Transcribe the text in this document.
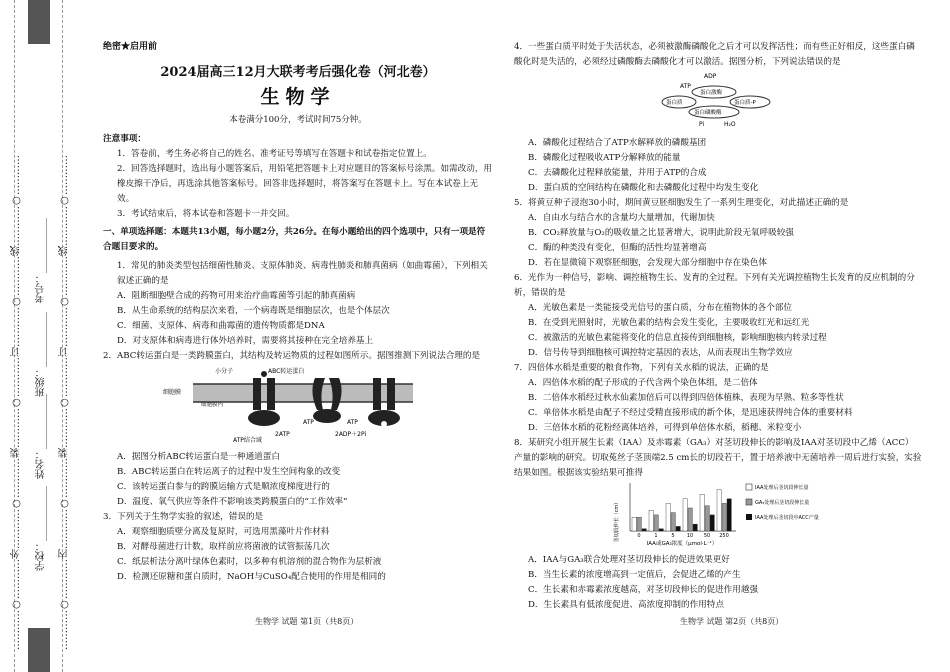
…………○…………外…………○…………装…………○…………订…………○…………线…………○…………	…………○…………内…………○…………装…………○…………订…………○…………线…………○…………
学校：___________
姓名：___________
班级：___________
考号：___________

绝密★启用前

2024届高三12月大联考考后强化卷（河北卷）

生物学

本卷满分100分，考试时间75分钟。

注意事项：

1．答卷前，考生务必将自己的姓名、准考证号等填写在答题卡和试卷指定位置上。

2．回答选择题时，选出每小题答案后，用铅笔把答题卡上对应题目的答案标号涂黑。如需改动，用橡皮擦干净后，再选涂其他答案标号。回答非选择题时，将答案写在答题卡上。写在本试卷上无效。

3．考试结束后，将本试卷和答题卡一并交回。

一、单项选择题：本题共13小题，每小题2分，共26分。在每小题给出的四个选项中，只有一项是符合题目要求的。

1．常见的肺炎类型包括细菌性肺炎、支原体肺炎、病毒性肺炎和肺真菌病（如曲霉菌），下列相关叙述正确的是

A．阻断细胞壁合成的药物可用来治疗曲霉菌等引起的肺真菌病

B．从生命系统的结构层次来看，一个病毒既是细胞层次，也是个体层次

C．细菌、支原体、病毒和曲霉菌的遗传物质都是DNA

D．对支原体和病毒进行体外培养时，需要将其接种在完全培养基上

2．ABC转运蛋白是一类跨膜蛋白，其结构及转运物质的过程如图所示。据图推测下列说法合理的是

小分子	ABC转运蛋白
细胞膜
细胞膜内
2ATP
ATP	ATP
2ADP＋2Pi
ATP结合域

A．据图分析ABC转运蛋白是一种通道蛋白

B．ABC转运蛋白在转运离子的过程中发生空间构象的改变

C．该转运蛋白参与的跨膜运输方式是顺浓度梯度进行的

D．温度、氧气供应等条件不影响该类跨膜蛋白的“工作效率”

3．下列关于生物学实验的叙述，错误的是

A．观察细胞质壁分离及复原时，可选用黑藻叶片作材料

B．对酵母菌进行计数，取样前应将菌液的试管振荡几次

C．纸层析法分离叶绿体色素时，以多种有机溶剂的混合物作为层析液

D．检测还原糖和蛋白质时，NaOH与CuSO₄配合使用的作用是相同的

生物学 试题 第1页（共8页）

4．一些蛋白质平时处于失活状态，必须被激酶磷酸化之后才可以发挥活性；而有些正好相反，这些蛋白磷酸化时是失活的，必须经过磷酸酶去磷酸化才可以激活。据图分析，下列说法错误的是

ADP
ATP
蛋白激酶
蛋白质	蛋白质-P
蛋白磷酸酶
Pi	H₂O

A．磷酸化过程结合了ATP水解释放的磷酸基团

B．磷酸化过程吸收ATP分解释放的能量

C．去磷酸化过程释放能量，并用于ATP的合成

D．蛋白质的空间结构在磷酸化和去磷酸化过程中均发生变化

5．将黄豆种子浸泡30小时，期间黄豆胚细胞发生了一系列生理变化，对此描述正确的是

A．自由水与结合水的含量均大量增加，代谢加快

B．CO₂释放量与O₂的吸收量之比显著增大，说明此阶段无氧呼吸较强

C．酶的种类没有变化，但酶的活性均显著增高

D．若在显微镜下观察胚细胞，会发现大部分细胞中存在染色体

6．光作为一种信号，影响、调控植物生长、发育的全过程。下列有关光调控植物生长发育的反应机制的分析，错误的是

A．光敏色素是一类能接受光信号的蛋白质，分布在植物体的各个部位

B．在受到光照射时，光敏色素的结构会发生变化，主要吸收红光和远红光

C．被激活的光敏色素能将变化的信息直接传到细胞核，影响细胞核内转录过程

D．信号传导到细胞核可调控特定基因的表达，从而表现出生物学效应

7．四倍体水稻是重要的粮食作物，下列有关水稻的说法，正确的是

A．四倍体水稻的配子形成的子代含两个染色体组，是二倍体

B．二倍体水稻经过秋水仙素加倍后可以得到四倍体植株，表现为早熟、粒多等性状

C．单倍体水稻是由配子不经过受精直接形成的新个体，是迅速获得纯合体的重要材料

D．三倍体水稻的花粉经离体培养，可得到单倍体水稻，稻穗、米粒变小

8．某研究小组开展生长素（IAA）及赤霉素（GA₃）对茎切段伸长的影响及IAA对茎切段中乙烯（ACC）产量的影响的研究。切取菟丝子茎顶端2.5 cm长的切段若干，置于培养液中无菌培养一周后进行实验，实验结果如图。根据该实验结果可推得

茎切段伸长（cm）
IAA或GA₃浓度（μmol·L⁻¹）
0	1	5 10 50 250
IAA处理后茎切段伸长量
GA₃处理后茎切段伸长量
IAA处理后茎切段中ACC产量

A．IAA与GA₃联合处理对茎切段伸长的促进效果更好

B．当生长素的浓度增高到一定值后，会促进乙烯的产生

C．生长素和赤霉素浓度越高，对茎切段伸长的促进作用越强

D．生长素具有低浓度促进、高浓度抑制的作用特点

生物学 试题 第2页（共8页）
